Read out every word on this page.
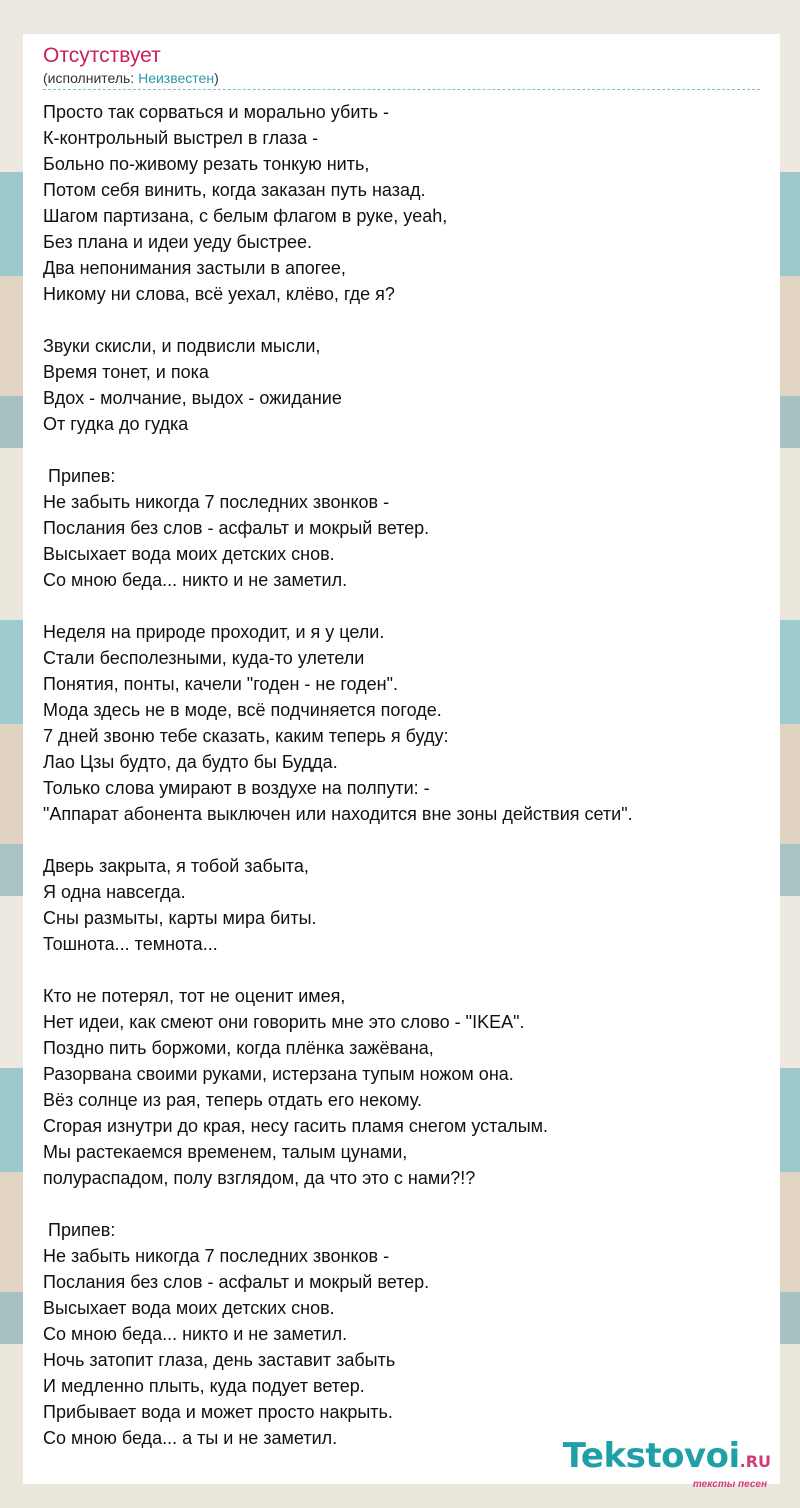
Отсутствует
(исполнитель: Неизвестен)
Просто так сорваться и морально убить -
К-контрольный выстрел в глаза -
Больно по-живому резать тонкую нить,
Потом себя винить, когда заказан путь назад.
Шагом партизана, с белым флагом в руке, yeah,
Без плана и идеи уеду быстрее.
Два непонимания застыли в апогее,
Никому ни слова, всё уехал, клёво, где я?
Звуки скисли, и подвисли мысли,
Время тонет, и пока
Вдох - молчание, выдох - ожидание
От гудка до гудка
Припев:
Не забыть никогда 7 последних звонков -
Послания без слов - асфальт и мокрый ветер.
Высыхает вода моих детских снов.
Со мною беда... никто и не заметил.
Неделя на природе проходит, и я у цели.
Стали бесполезными, куда-то улетели
Понятия, понты, качели "годен - не годен".
Мода здесь не в моде, всё подчиняется погоде.
7 дней звоню тебе сказать, каким теперь я буду:
Лао Цзы будто, да будто бы Будда.
Только слова умирают в воздухе на полпути: -
"Аппарат абонента выключен или находится вне зоны действия сети".
Дверь закрыта, я тобой забыта,
Я одна навсегда.
Сны размыты, карты мира биты.
Тошнота... темнота...
Кто не потерял, тот не оценит имея,
Нет идеи, как смеют они говорить мне это слово - "IKEA".
Поздно пить боржоми, когда плёнка зажёвана,
Разорвана своими руками, истерзана тупым ножом она.
Вёз солнце из рая, теперь отдать его некому.
Сгорая изнутри до края, несу гасить пламя снегом усталым.
Мы растекаемся временем, талым цунами,
полураспадом, полу взглядом, да что это с нами?!?
Припев:
Не забыть никогда 7 последних звонков -
Послания без слов - асфальт и мокрый ветер.
Высыхает вода моих детских снов.
Со мною беда... никто и не заметил.
Ночь затопит глаза, день заставит забыть
И медленно плыть, куда подует ветер.
Прибывает вода и может просто накрыть.
Со мною беда... а ты и не заметил.	Tekstovoi.RU
тексты песен
